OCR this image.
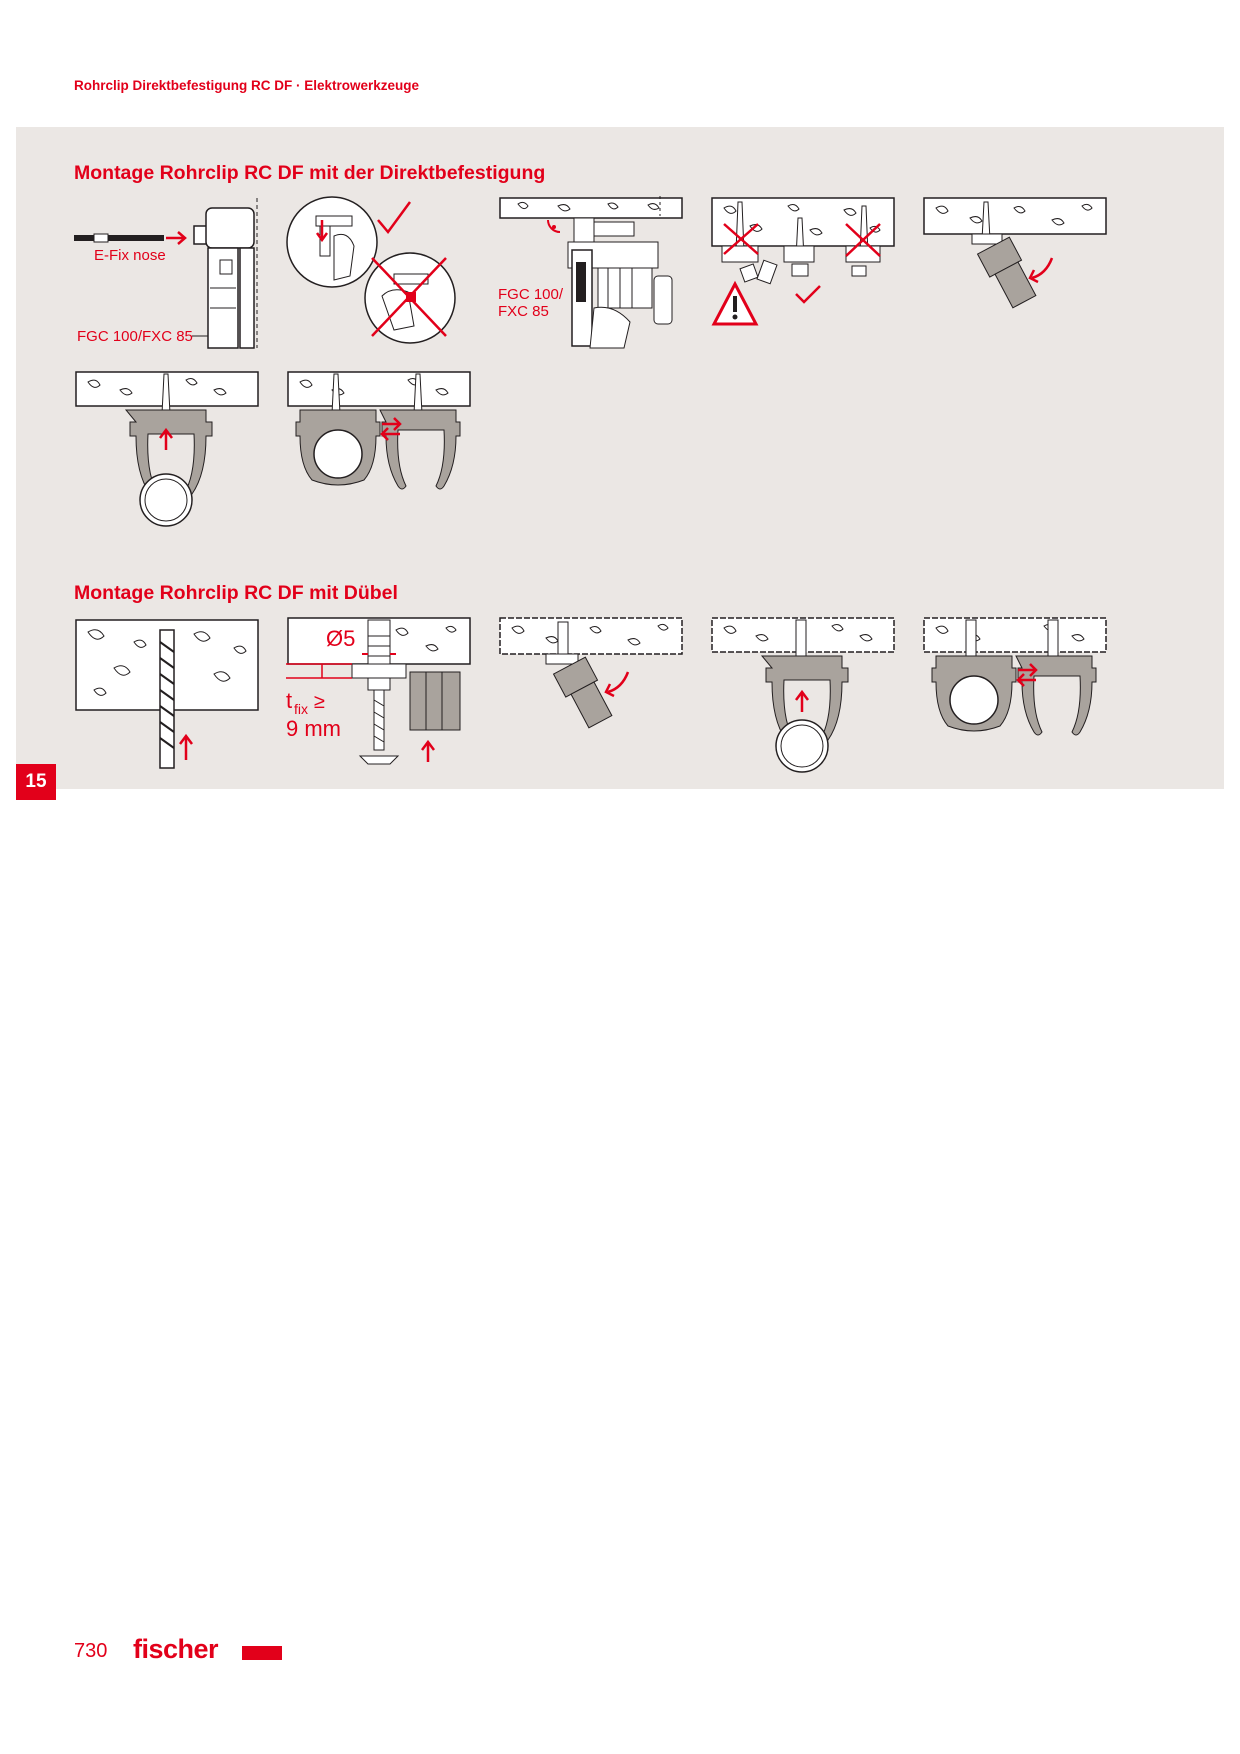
Rohrclip Direktbefestigung RC DF · Elektrowerkzeuge
Montage Rohrclip RC DF mit der Direktbefestigung
Montage Rohrclip RC DF mit Dübel
E-Fix nose
FGC 100/FXC 85
FGC 100/
FXC 85
Ø5
t fix ≥
9 mm
15
730 fischer
